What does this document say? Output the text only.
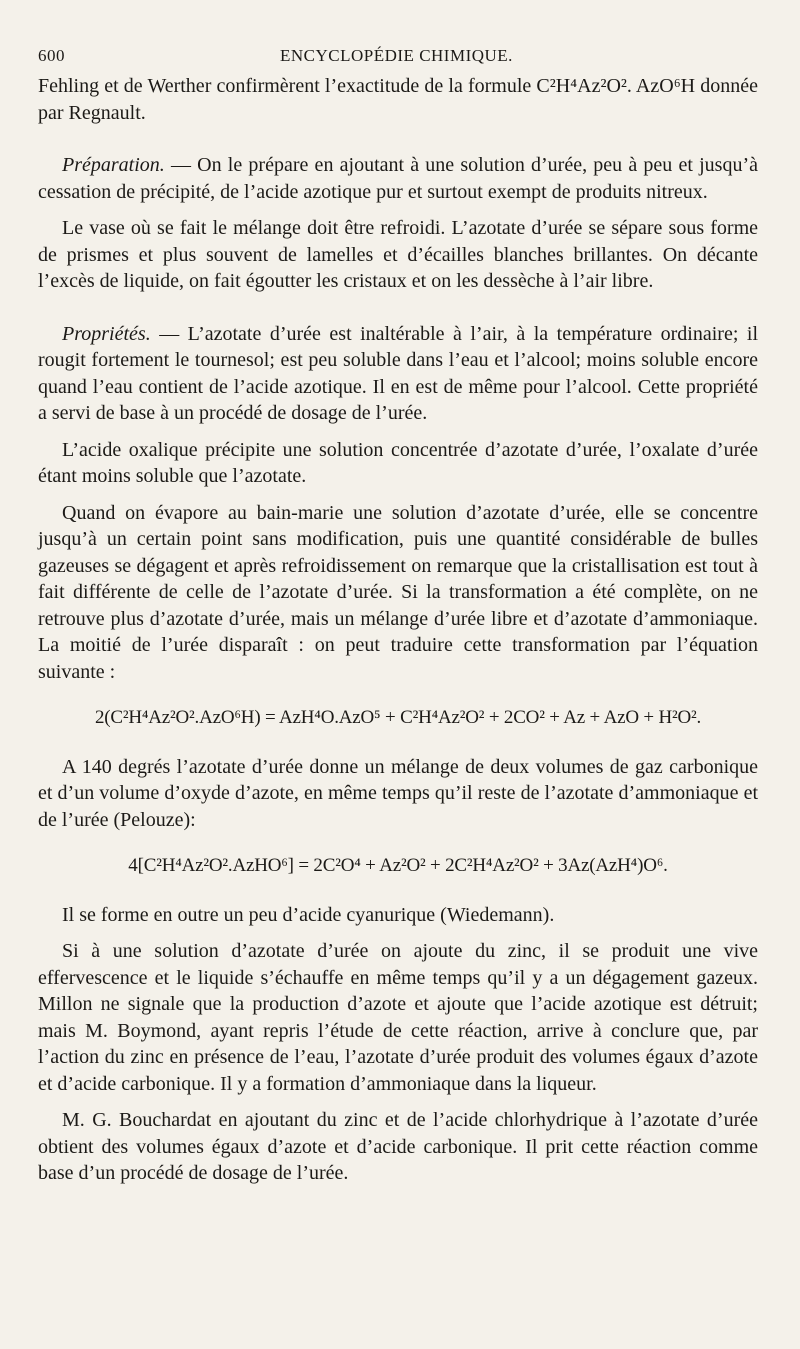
600	ENCYCLOPÉDIE CHIMIQUE.

Fehling et de Werther confirmèrent l’exactitude de la formule C²H⁴Az²O². AzO⁶H donnée par Regnault.

Préparation. — On le prépare en ajoutant à une solution d’urée, peu à peu et jusqu’à cessation de précipité, de l’acide azotique pur et surtout exempt de produits nitreux.

Le vase où se fait le mélange doit être refroidi. L’azotate d’urée se sépare sous forme de prismes et plus souvent de lamelles et d’écailles blanches brillantes. On décante l’excès de liquide, on fait égoutter les cristaux et on les dessèche à l’air libre.

Propriétés. — L’azotate d’urée est inaltérable à l’air, à la température ordinaire; il rougit fortement le tournesol; est peu soluble dans l’eau et l’alcool; moins soluble encore quand l’eau contient de l’acide azotique. Il en est de même pour l’alcool. Cette propriété a servi de base à un procédé de dosage de l’urée.

L’acide oxalique précipite une solution concentrée d’azotate d’urée, l’oxalate d’urée étant moins soluble que l’azotate.

Quand on évapore au bain-marie une solution d’azotate d’urée, elle se concentre jusqu’à un certain point sans modification, puis une quantité considérable de bulles gazeuses se dégagent et après refroidissement on remarque que la cristallisation est tout à fait différente de celle de l’azotate d’urée. Si la transformation a été complète, on ne retrouve plus d’azotate d’urée, mais un mélange d’urée libre et d’azotate d’ammoniaque. La moitié de l’urée disparaît : on peut traduire cette transformation par l’équation suivante :

2(C²H⁴Az²O².AzO⁶H) = AzH⁴O.AzO⁵ + C²H⁴Az²O² + 2CO² + Az + AzO + H²O².

A 140 degrés l’azotate d’urée donne un mélange de deux volumes de gaz carbonique et d’un volume d’oxyde d’azote, en même temps qu’il reste de l’azotate d’ammoniaque et de l’urée (Pelouze):

4[C²H⁴Az²O².AzHO⁶] = 2C²O⁴ + Az²O² + 2C²H⁴Az²O² + 3Az(AzH⁴)O⁶.

Il se forme en outre un peu d’acide cyanurique (Wiedemann).

Si à une solution d’azotate d’urée on ajoute du zinc, il se produit une vive effervescence et le liquide s’échauffe en même temps qu’il y a un dégagement gazeux. Millon ne signale que la production d’azote et ajoute que l’acide azotique est détruit; mais M. Boymond, ayant repris l’étude de cette réaction, arrive à conclure que, par l’action du zinc en présence de l’eau, l’azotate d’urée produit des volumes égaux d’azote et d’acide carbonique. Il y a formation d’ammoniaque dans la liqueur.

M. G. Bouchardat en ajoutant du zinc et de l’acide chlorhydrique à l’azotate d’urée obtient des volumes égaux d’azote et d’acide carbonique. Il prit cette réaction comme base d’un procédé de dosage de l’urée.
